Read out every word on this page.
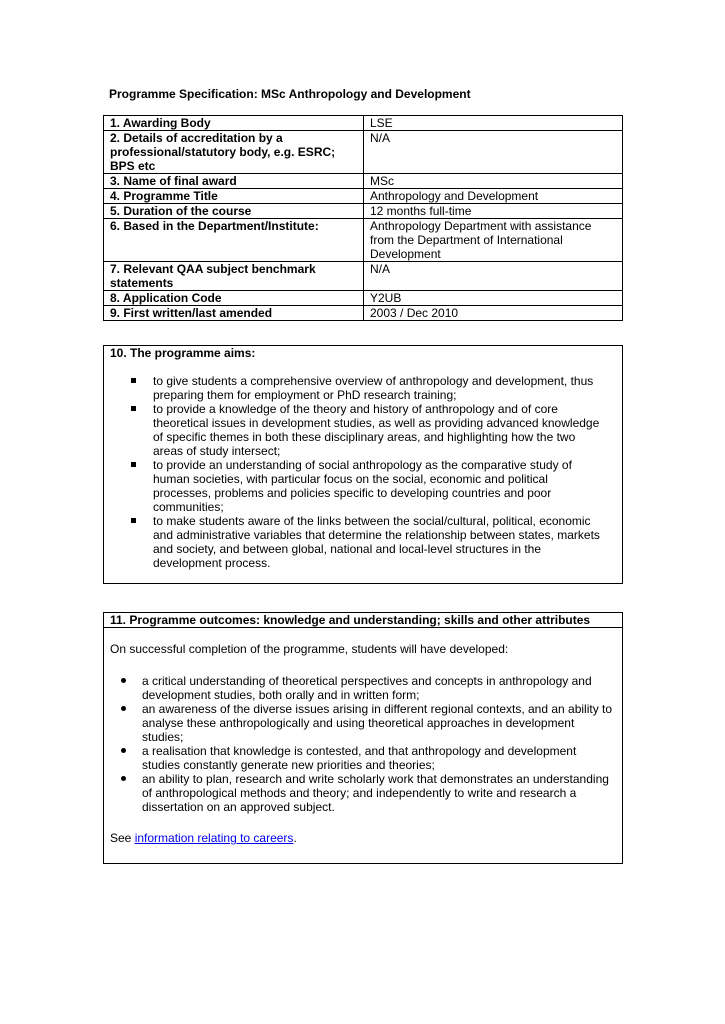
Programme Specification: MSc Anthropology and Development
1. Awarding Body	LSE
2. Details of accreditation by a professional/statutory body, e.g. ESRC; BPS etc	N/A
3. Name of final award	MSc
4. Programme Title	Anthropology and Development
5. Duration of the course	12 months full-time
6. Based in the Department/Institute:	Anthropology Department with assistance from the Department of International Development
7. Relevant QAA subject benchmark statements	N/A
8. Application Code	Y2UB
9. First written/last amended	2003 / Dec 2010
10. The programme aims:
to give students a comprehensive overview of anthropology and development, thus preparing them for employment or PhD research training;
to provide a knowledge of the theory and history of anthropology and of core theoretical issues in development studies, as well as providing advanced knowledge of specific themes in both these disciplinary areas, and highlighting how the two areas of study intersect;
to provide an understanding of social anthropology as the comparative study of human societies, with particular focus on the social, economic and political processes, problems and policies specific to developing countries and poor communities;
to make students aware of the links between the social/cultural, political, economic and administrative variables that determine the relationship between states, markets and society, and between global, national and local-level structures in the development process.
11. Programme outcomes: knowledge and understanding; skills and other attributes
On successful completion of the programme, students will have developed:
a critical understanding of theoretical perspectives and concepts in anthropology and development studies, both orally and in written form;
an awareness of the diverse issues arising in different regional contexts, and an ability to analyse these anthropologically and using theoretical approaches in development studies;
a realisation that knowledge is contested, and that anthropology and development studies constantly generate new priorities and theories;
an ability to plan, research and write scholarly work that demonstrates an understanding of anthropological methods and theory; and independently to write and research a dissertation on an approved subject.
See information relating to careers.
